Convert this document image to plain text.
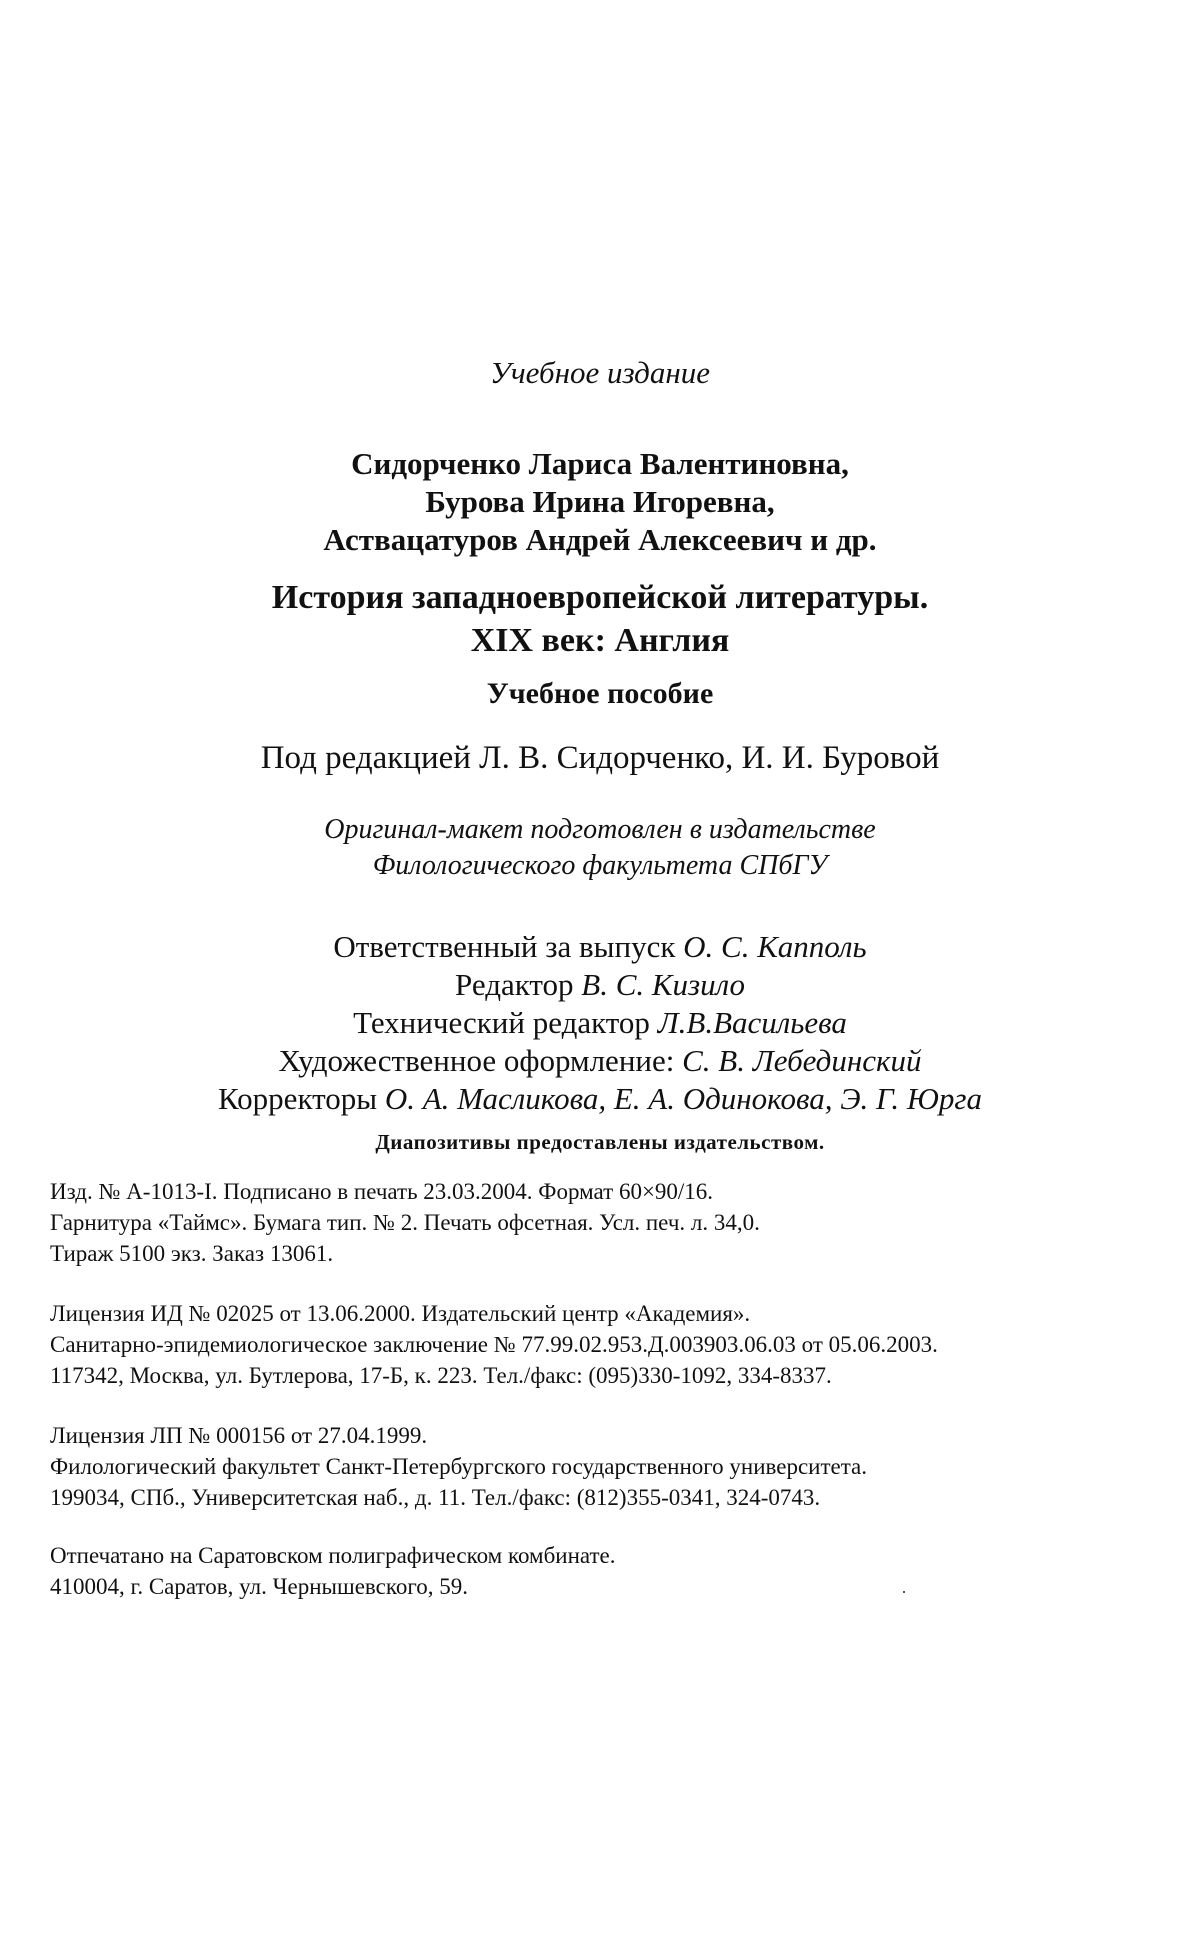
Учебное издание
Сидорченко Лариса Валентиновна,
Бурова Ирина Игоревна,
Аствацатуров Андрей Алексеевич и др.
История западноевропейской литературы.
XIX век: Англия
Учебное пособие
Под редакцией Л. В. Сидорченко, И. И. Буровой
Оригинал-макет подготовлен в издательстве
Филологического факультета СПбГУ
Ответственный за выпуск О. С. Капполь
Редактор В. С. Кизило
Технический редактор Л.В.Васильева
Художественное оформление: С. В. Лебединский
Корректоры О. А. Масликова, Е. А. Одинокова, Э. Г. Юрга
Диапозитивы предоставлены издательством.
Изд. № А-1013-I. Подписано в печать 23.03.2004. Формат 60×90/16.
Гарнитура «Таймс». Бумага тип. № 2. Печать офсетная. Усл. печ. л. 34,0.
Тираж 5100 экз. Заказ 13061.
Лицензия ИД № 02025 от 13.06.2000. Издательский центр «Академия».
Санитарно-эпидемиологическое заключение № 77.99.02.953.Д.003903.06.03 от 05.06.2003.
117342, Москва, ул. Бутлерова, 17-Б, к. 223. Тел./факс: (095)330-1092, 334-8337.
Лицензия ЛП № 000156 от 27.04.1999.
Филологический факультет Санкт-Петербургского государственного университета.
199034, СПб., Университетская наб., д. 11. Тел./факс: (812)355-0341, 324-0743.
Отпечатано на Саратовском полиграфическом комбинате.
410004, г. Саратов, ул. Чернышевского, 59.
